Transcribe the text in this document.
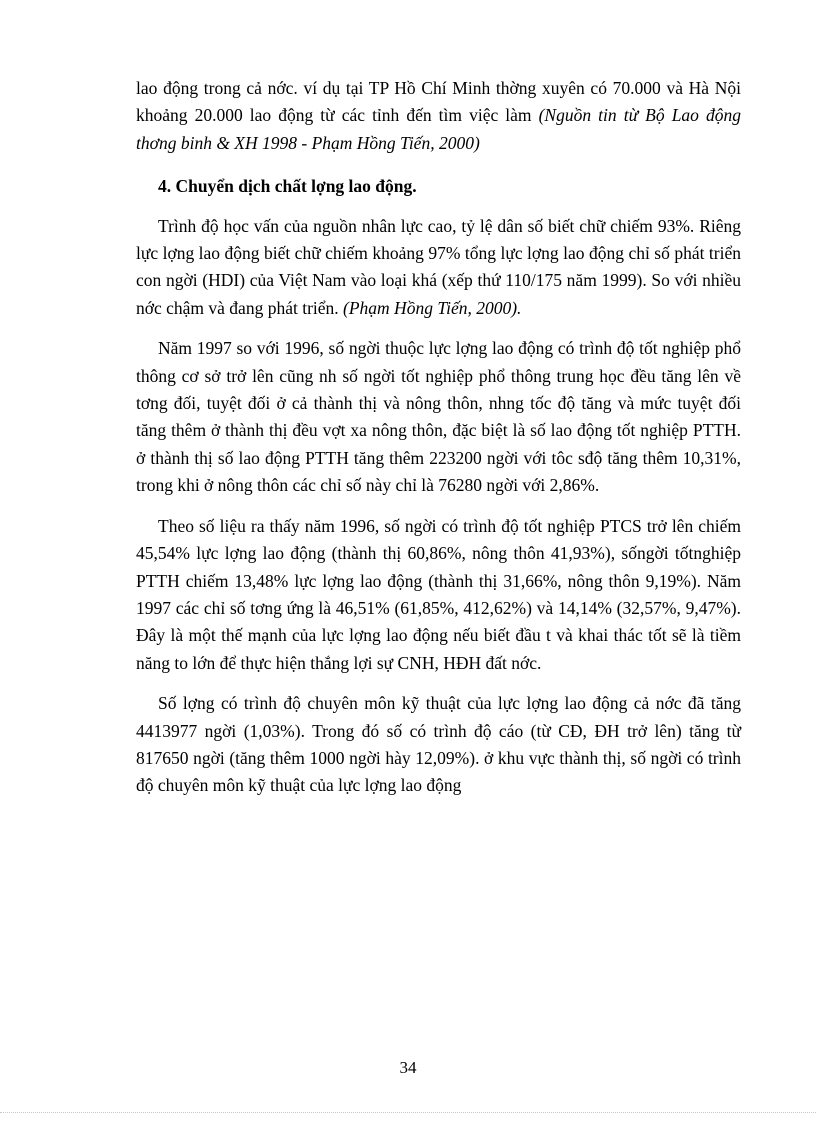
lao động trong cả nớc. ví dụ tại TP Hồ Chí Minh thờng xuyên có 70.000 và Hà Nội khoảng 20.000 lao động từ các tỉnh đến tìm việc làm (Nguồn tin từ Bộ Lao động thơng binh & XH 1998 - Phạm Hồng Tiến, 2000)

4. Chuyển dịch chất lợng lao động.

Trình độ học vấn của nguồn nhân lực cao, tỷ lệ dân số biết chữ chiếm 93%. Riêng lực lợng lao động biết chữ chiếm khoảng 97% tổng lực lợng lao động chỉ số phát triển con ngời (HDI) của Việt Nam vào loại khá (xếp thứ 110/175 năm 1999). So với nhiều nớc chậm và đang phát triển. (Phạm Hồng Tiến, 2000).

Năm 1997 so với 1996, số ngời thuộc lực lợng lao động có trình độ tốt nghiệp phổ thông cơ sở trở lên cũng nh số ngời tốt nghiệp phổ thông trung học đều tăng lên về tơng đối, tuyệt đối ở cả thành thị và nông thôn, nhng tốc độ tăng và mức tuyệt đối tăng thêm ở thành thị đều vợt xa nông thôn, đặc biệt là số lao động tốt nghiệp PTTH. ở thành thị số lao động PTTH tăng thêm 223200 ngời với tôc sđộ tăng thêm 10,31%, trong khi ở nông thôn các chỉ số này chỉ là 76280 ngời với 2,86%.

Theo số liệu ra thấy năm 1996, số ngời có trình độ tốt nghiệp PTCS trở lên chiếm 45,54% lực lợng lao động (thành thị 60,86%, nông thôn 41,93%), sốngời tốtnghiệp PTTH chiếm 13,48% lực lợng lao động (thành thị 31,66%, nông thôn 9,19%). Năm 1997 các chỉ số tơng ứng là 46,51% (61,85%, 412,62%) và 14,14% (32,57%, 9,47%). Đây là một thế mạnh của lực lợng lao động nếu biết đầu t và khai thác tốt sẽ là tiềm năng to lớn để thực hiện thắng lợi sự CNH, HĐH đất nớc.

Số lợng có trình độ chuyên môn kỹ thuật của lực lợng lao động cả nớc đã tăng 4413977 ngời (1,03%). Trong đó số có trình độ cáo (từ CĐ, ĐH trở lên) tăng từ 817650 ngời (tăng thêm 1000 ngời hày 12,09%). ở khu vực thành thị, số ngời có trình độ chuyên môn kỹ thuật của lực lợng lao động

34
